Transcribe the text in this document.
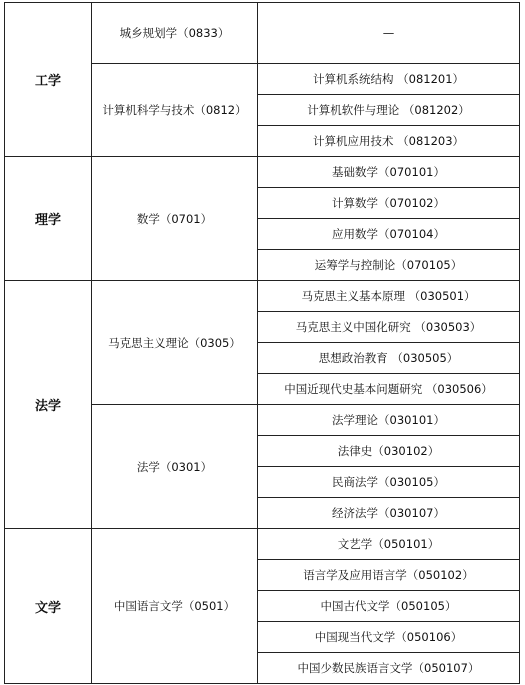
工学	城乡规划学（0833）	—
	计算机科学与技术（0812）	计算机系统结构 （081201）
		计算机软件与理论 （081202）
		计算机应用技术 （081203）
理学	数学（0701）	基础数学（070101）
		计算数学（070102）
		应用数学（070104）
		运筹学与控制论（070105）
法学	马克思主义理论（0305）	马克思主义基本原理 （030501）
		马克思主义中国化研究 （030503）
		思想政治教育 （030505）
		中国近现代史基本问题研究 （030506）
	法学（0301）	法学理论（030101）
		法律史（030102）
		民商法学（030105）
		经济法学（030107）
文学	中国语言文学（0501）	文艺学（050101）
		语言学及应用语言学（050102）
		中国古代文学（050105）
		中国现当代文学（050106）
		中国少数民族语言文学（050107）
